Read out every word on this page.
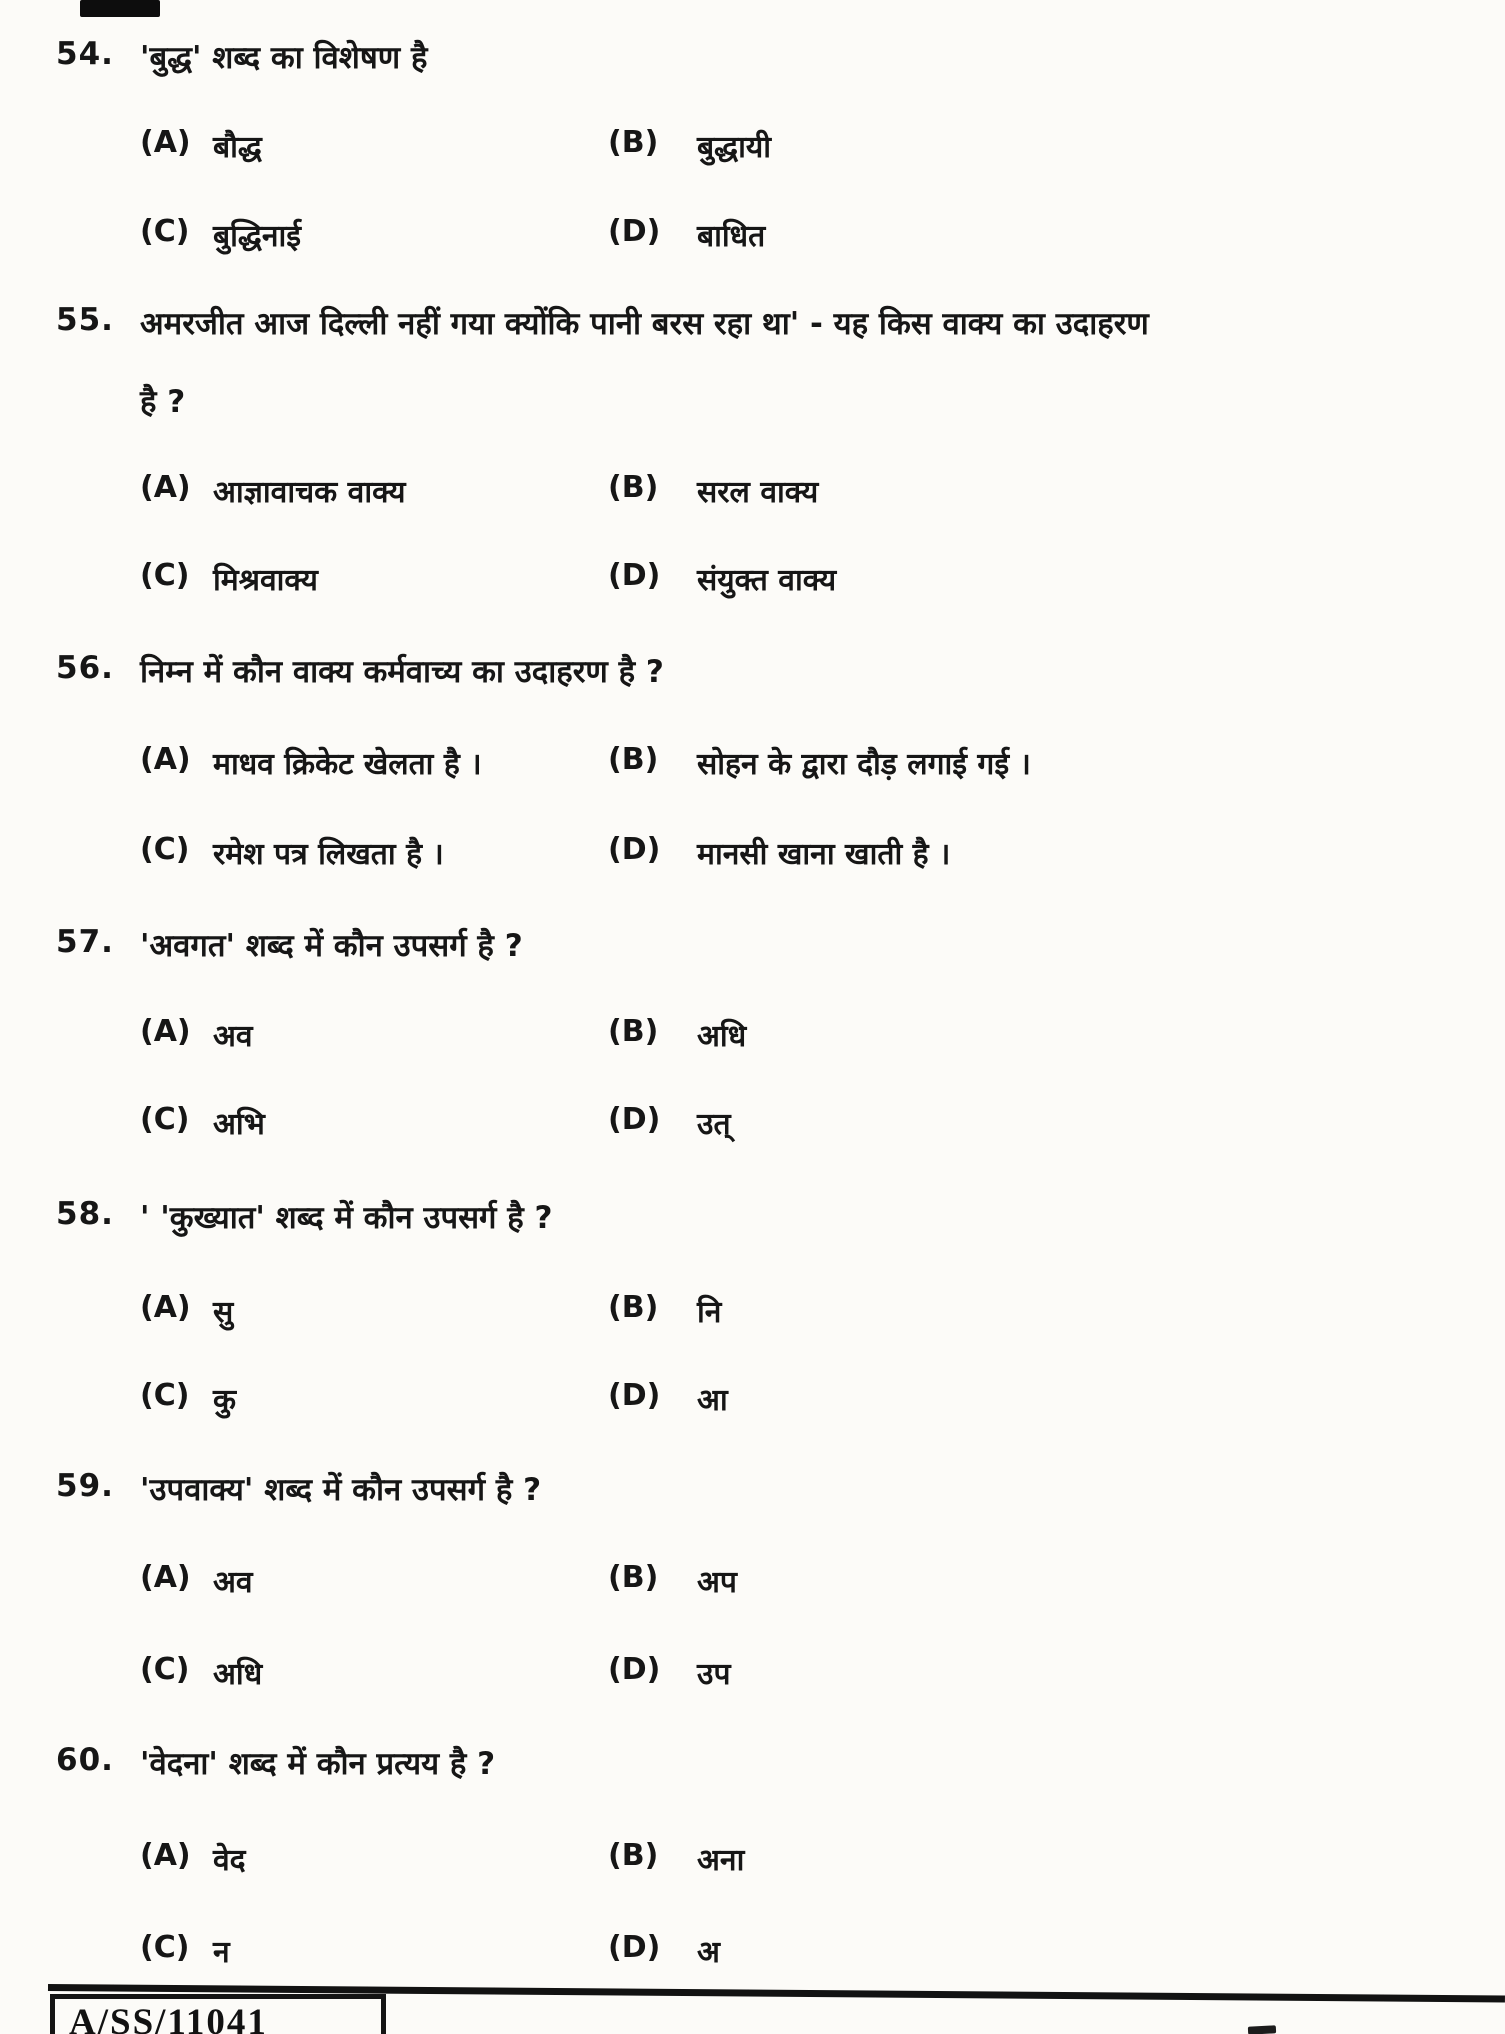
54. 'बुद्ध' शब्द का विशेषण है
(A) बौद्ध	(B) बुद्धायी
(C) बुद्धिनाई	(D) बाधित
55. अमरजीत आज दिल्ली नहीं गया क्योंकि पानी बरस रहा था' - यह किस वाक्य का उदाहरण
है ?
(A) आज्ञावाचक वाक्य	(B) सरल वाक्य
(C) मिश्रवाक्य	(D) संयुक्त वाक्य
56. निम्न में कौन वाक्य कर्मवाच्य का उदाहरण है ?
(A) माधव क्रिकेट खेलता है ।	(B) सोहन के द्वारा दौड़ लगाई गई ।
(C) रमेश पत्र लिखता है ।	(D) मानसी खाना खाती है ।
57. 'अवगत' शब्द में कौन उपसर्ग है ?
(A) अव	(B) अधि
(C) अभि	(D) उत्
58. ' 'कुख्यात' शब्द में कौन उपसर्ग है ?
(A) सु	(B) नि
(C) कु	(D) आ
59. 'उपवाक्य' शब्द में कौन उपसर्ग है ?
(A) अव	(B) अप
(C) अधि	(D) उप
60. 'वेदना' शब्द में कौन प्रत्यय है ?
(A) वेद	(B) अना
(C) न	(D) अ
A/SS/11041
